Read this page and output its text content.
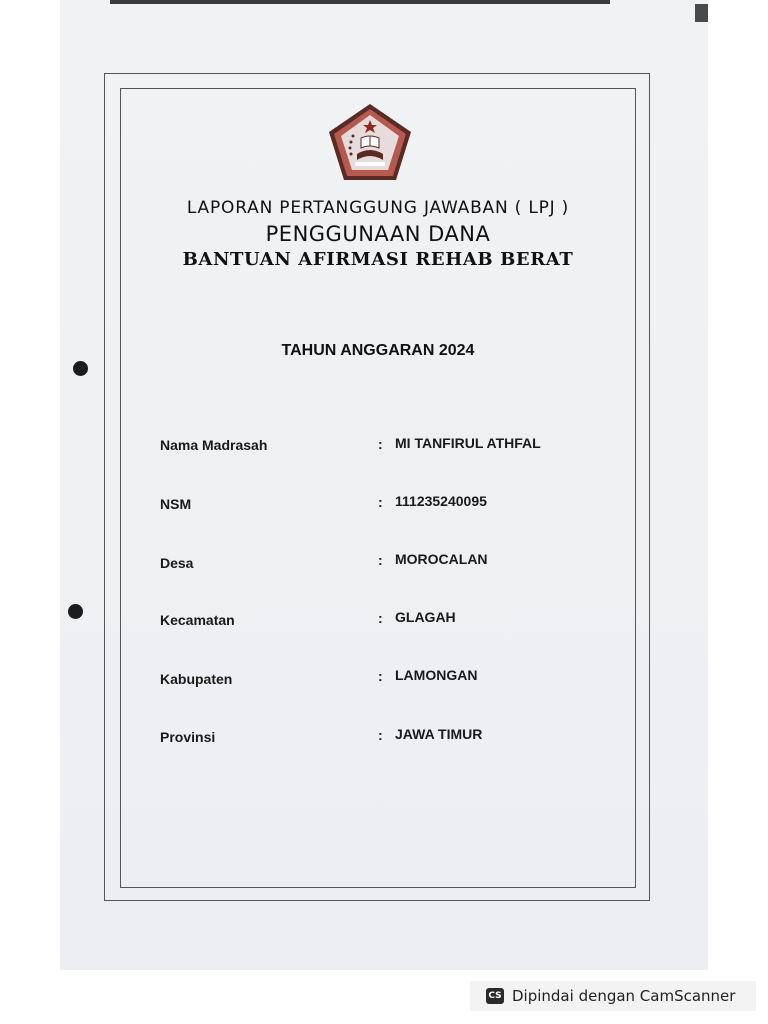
LAPORAN PERTANGGUNG JAWABAN ( LPJ )
PENGGUNAAN DANA
BANTUAN AFIRMASI REHAB BERAT
TAHUN ANGGARAN 2024
Nama Madrasah	: MI TANFIRUL ATHFAL
NSM	: 111235240095
Desa	: MOROCALAN
Kecamatan	: GLAGAH
Kabupaten	: LAMONGAN
Provinsi	: JAWA TIMUR
CS Dipindai dengan CamScanner
